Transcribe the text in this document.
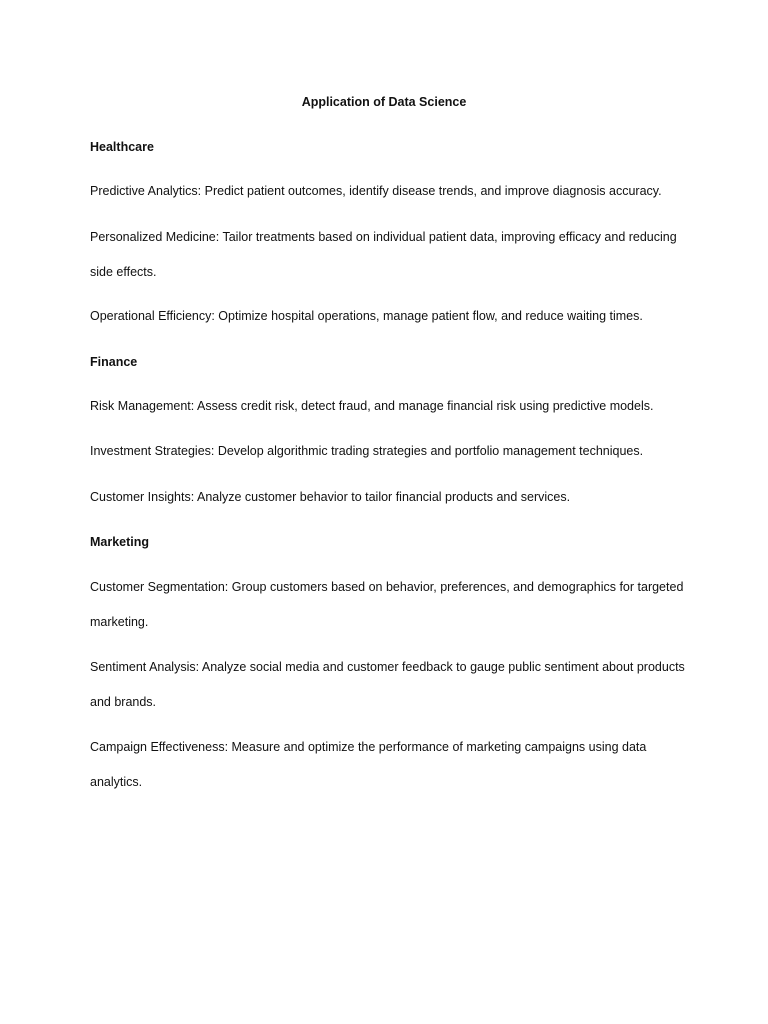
Application of Data Science
Healthcare

Predictive Analytics: Predict patient outcomes, identify disease trends, and improve diagnosis accuracy.

Personalized Medicine: Tailor treatments based on individual patient data, improving efficacy and reducing side effects.

Operational Efficiency: Optimize hospital operations, manage patient flow, and reduce waiting times.

Finance

Risk Management: Assess credit risk, detect fraud, and manage financial risk using predictive models.

Investment Strategies: Develop algorithmic trading strategies and portfolio management techniques.

Customer Insights: Analyze customer behavior to tailor financial products and services.

Marketing

Customer Segmentation: Group customers based on behavior, preferences, and demographics for targeted marketing.

Sentiment Analysis: Analyze social media and customer feedback to gauge public sentiment about products and brands.

Campaign Effectiveness: Measure and optimize the performance of marketing campaigns using data analytics.
